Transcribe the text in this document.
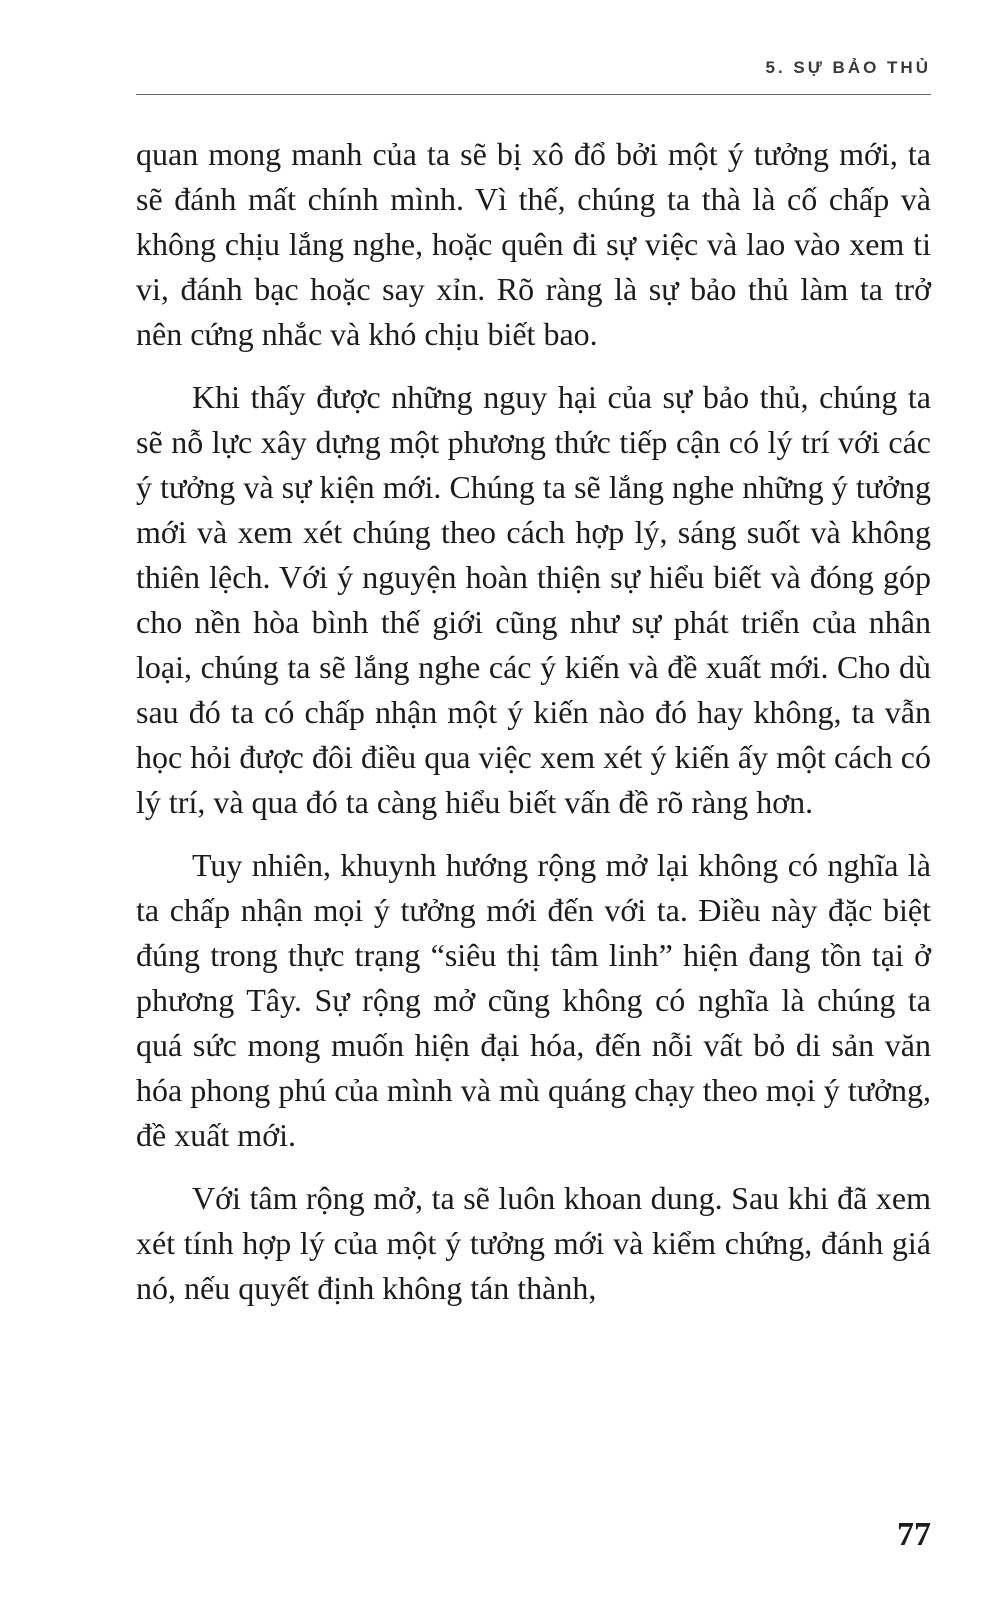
5. SỰ BẢO THỦ

quan mong manh của ta sẽ bị xô đổ bởi một ý tưởng mới, ta sẽ đánh mất chính mình. Vì thế, chúng ta thà là cố chấp và không chịu lắng nghe, hoặc quên đi sự việc và lao vào xem ti vi, đánh bạc hoặc say xỉn. Rõ ràng là sự bảo thủ làm ta trở nên cứng nhắc và khó chịu biết bao.

Khi thấy được những nguy hại của sự bảo thủ, chúng ta sẽ nỗ lực xây dựng một phương thức tiếp cận có lý trí với các ý tưởng và sự kiện mới. Chúng ta sẽ lắng nghe những ý tưởng mới và xem xét chúng theo cách hợp lý, sáng suốt và không thiên lệch. Với ý nguyện hoàn thiện sự hiểu biết và đóng góp cho nền hòa bình thế giới cũng như sự phát triển của nhân loại, chúng ta sẽ lắng nghe các ý kiến và đề xuất mới. Cho dù sau đó ta có chấp nhận một ý kiến nào đó hay không, ta vẫn học hỏi được đôi điều qua việc xem xét ý kiến ấy một cách có lý trí, và qua đó ta càng hiểu biết vấn đề rõ ràng hơn.

Tuy nhiên, khuynh hướng rộng mở lại không có nghĩa là ta chấp nhận mọi ý tưởng mới đến với ta. Điều này đặc biệt đúng trong thực trạng “siêu thị tâm linh” hiện đang tồn tại ở phương Tây. Sự rộng mở cũng không có nghĩa là chúng ta quá sức mong muốn hiện đại hóa, đến nỗi vất bỏ di sản văn hóa phong phú của mình và mù quáng chạy theo mọi ý tưởng, đề xuất mới.

Với tâm rộng mở, ta sẽ luôn khoan dung. Sau khi đã xem xét tính hợp lý của một ý tưởng mới và kiểm chứng, đánh giá nó, nếu quyết định không tán thành,

77
